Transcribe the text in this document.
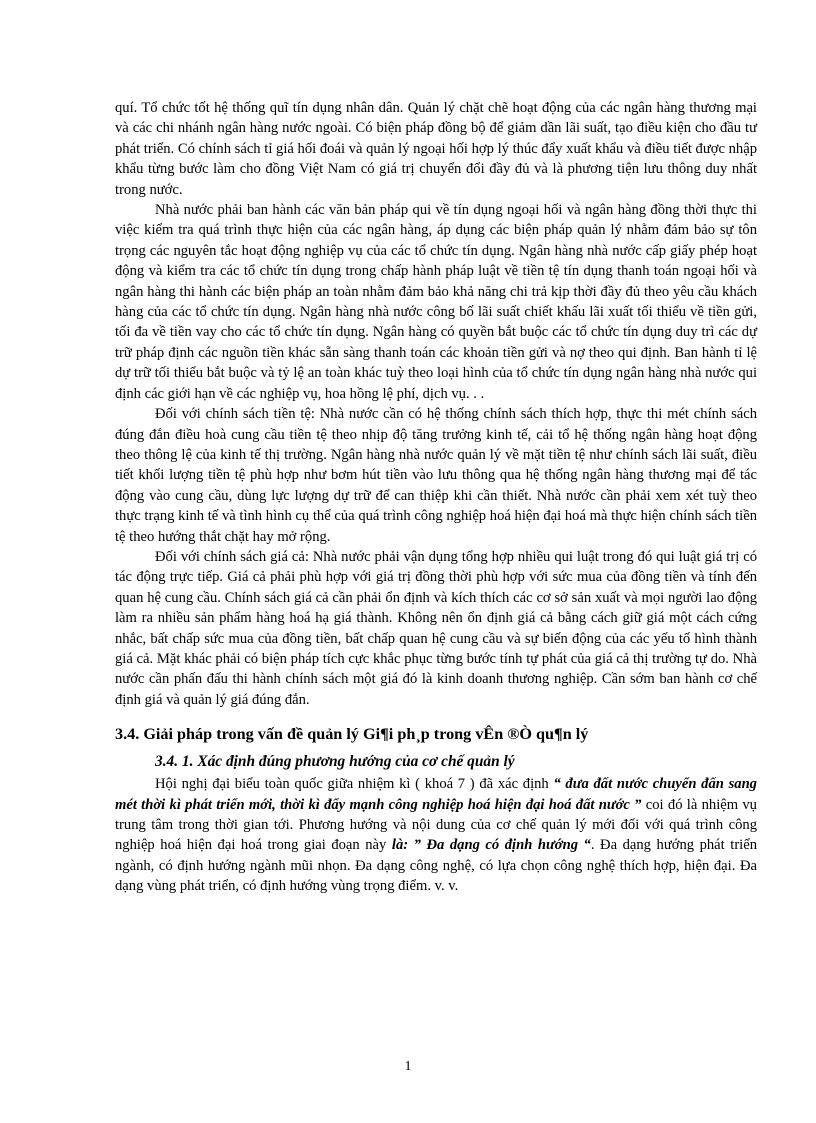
quí. Tổ chức tốt hệ thống quĩ tín dụng nhân dân. Quản lý chặt chẽ hoạt động của các ngân hàng thương mại và các chi nhánh ngân hàng nước ngoài. Có biện pháp đồng bộ để giảm dần lãi suất, tạo điều kiện cho đầu tư phát triển. Có chính sách tỉ giá hối đoái và quản lý ngoại hối hợp lý thúc đẩy xuất khẩu và điều tiết được nhập khẩu từng bước làm cho đồng Việt Nam có giá trị chuyển đổi đầy đủ và là phương tiện lưu thông duy nhất trong nước.

Nhà nước phải ban hành các văn bản pháp qui về tín dụng ngoại hối và ngân hàng đồng thời thực thi việc kiểm tra quá trình thực hiện của các ngân hàng, áp dụng các biện pháp quản lý nhằm đảm bảo sự tôn trọng các nguyên tắc hoạt động nghiệp vụ của các tổ chức tín dụng. Ngân hàng nhà nước cấp giấy phép hoạt động và kiểm tra các tổ chức tín dụng trong chấp hành pháp luật về tiền tệ tín dụng thanh toán ngoại hối và ngân hàng thi hành các biện pháp an toàn nhằm đảm bảo khả năng chi trả kịp thời đầy đủ theo yêu cầu khách hàng của các tổ chức tín dụng. Ngân hàng nhà nước công bố lãi suất chiết khấu lãi xuất tối thiểu về tiền gửi, tối đa về tiền vay cho các tổ chức tín dụng. Ngân hàng có quyền bắt buộc các tổ chức tín dụng duy trì các dự trữ pháp định các nguồn tiền khác sẵn sàng thanh toán các khoản tiền gửi và nợ theo qui định. Ban hành tỉ lệ dự trữ tối thiểu bắt buộc và tỷ lệ an toàn khác tuỳ theo loại hình của tổ chức tín dụng ngân hàng nhà nước qui định các giới hạn về các nghiệp vụ, hoa hồng lệ phí, dịch vụ. . .

Đối với chính sách tiền tệ: Nhà nước cần có hệ thống chính sách thích hợp, thực thi mét chính sách đúng đắn điều hoà cung cầu tiền tệ theo nhịp độ tăng trưởng kinh tế, cải tổ hệ thống ngân hàng hoạt động theo thông lệ của kinh tế thị trường. Ngân hàng nhà nước quản lý về mặt tiền tệ như chính sách lãi suất, điều tiết khối lượng tiền tệ phù hợp như bơm hút tiền vào lưu thông qua hệ thống ngân hàng thương mại để tác động vào cung cầu, dùng lực lượng dự trữ để can thiệp khi cần thiết. Nhà nước cần phải xem xét tuỳ theo thực trạng kinh tế và tình hình cụ thể của quá trình công nghiệp hoá hiện đại hoá mà thực hiện chính sách tiền tệ theo hướng thắt chặt hay mở rộng.

Đối với chính sách giá cả: Nhà nước phải vận dụng tổng hợp nhiều qui luật trong đó qui luật giá trị có tác động trực tiếp. Giá cả phải phù hợp với giá trị đồng thời phù hợp với sức mua của đồng tiền và tính đến quan hệ cung cầu. Chính sách giá cả cần phải ổn định và kích thích các cơ sở sản xuất và mọi người lao động làm ra nhiều sản phẩm hàng hoá hạ giá thành. Không nên ổn định giá cả bằng cách giữ giá một cách cứng nhắc, bất chấp sức mua của đồng tiền, bất chấp quan hệ cung cầu và sự biến động của các yếu tố hình thành giá cả. Mặt khác phải có biện pháp tích cực khắc phục từng bước tính tự phát của giá cả thị trường tự do. Nhà nước cần phấn đấu thi hành chính sách một giá đó là kinh doanh thương nghiệp. Cần sớm ban hành cơ chế định giá và quản lý giá đúng đắn.

3.4. Giải pháp trong vấn đề quản lý Gi¶i ph¸p trong vÊn ®Ò qu¶n lý
3.4. 1. Xác định đúng phương hướng của cơ chế quản lý

Hội nghị đại biểu toàn quốc giữa nhiệm kì ( khoá 7 ) đã xác định “ đưa đất nước chuyển đấn sang mét thời kì phát triển mới, thời kì đẩy mạnh công nghiệp hoá hiện đại hoá đất nước ” coi đó là nhiệm vụ trung tâm trong thời gian tới. Phương hướng và nội dung của cơ chế quản lý mới đối với quá trình công nghiệp hoá hiện đại hoá trong giai đoạn này là: ” Đa dạng có định hướng “. Đa dạng hướng phát triển ngành, có định hướng ngành mũi nhọn. Đa dạng công nghệ, có lựa chọn công nghệ thích hợp, hiện đại. Đa dạng vùng phát triển, có định hướng vùng trọng điểm. v. v.

1
